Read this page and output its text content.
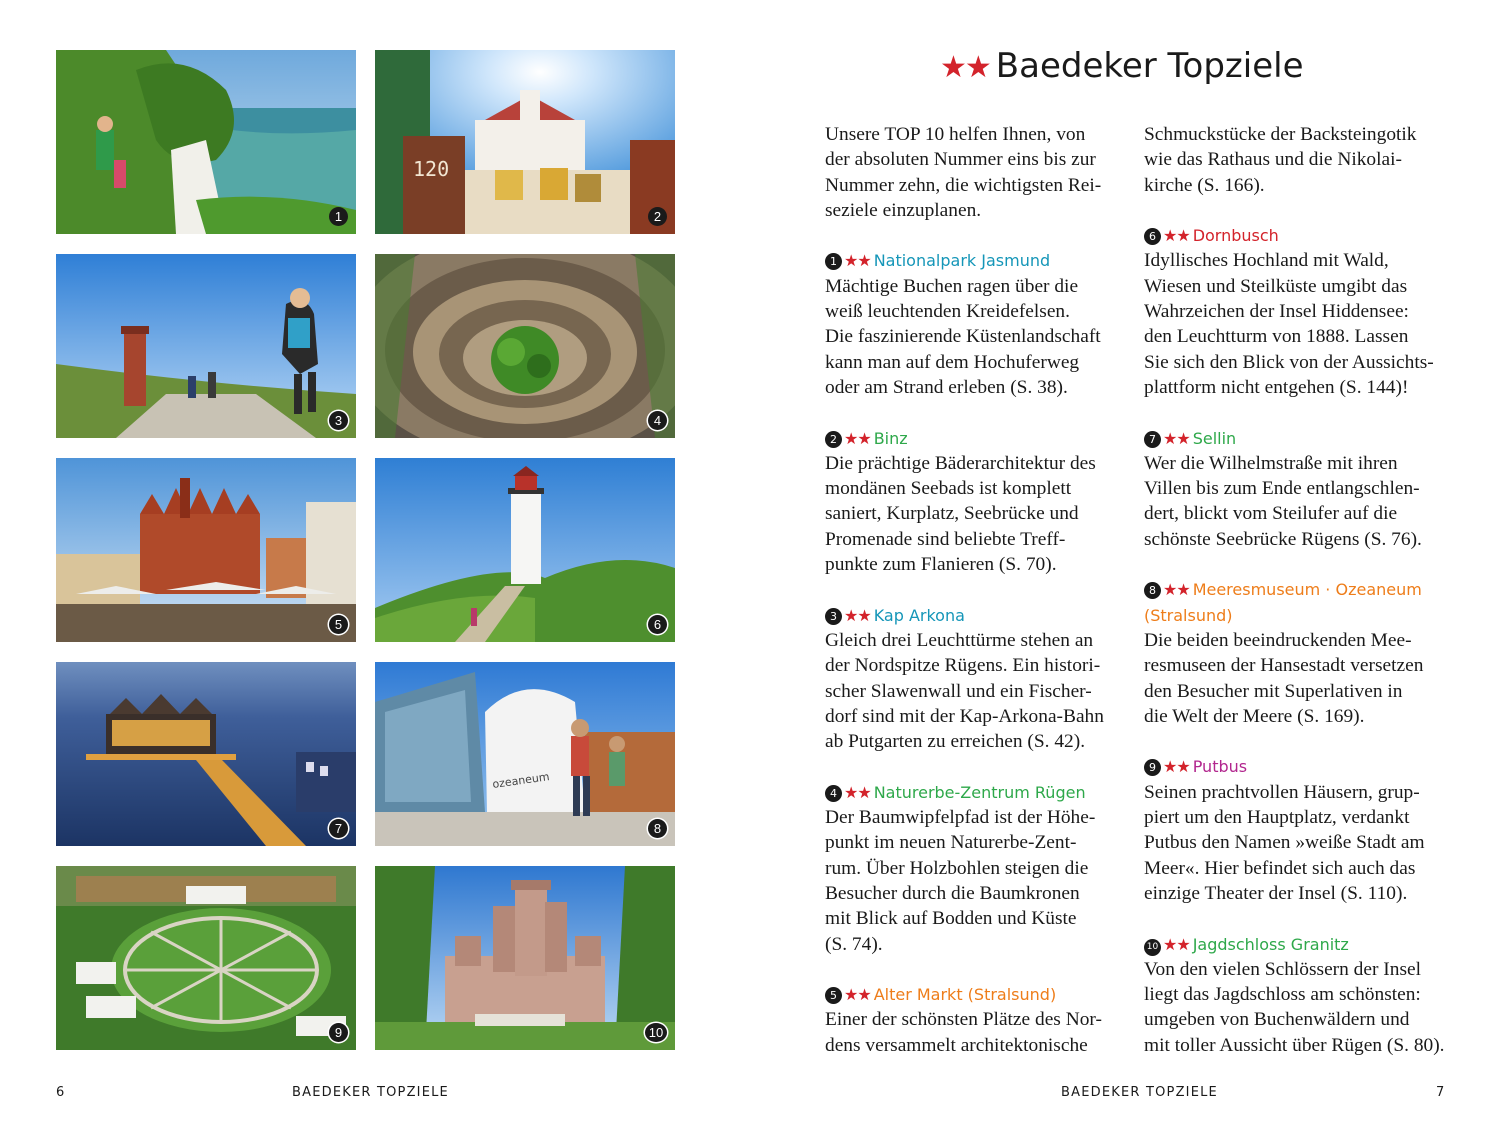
1
120
2
3	4
5	6
7
ozeaneum
8
9	10
★★ Baedeker Topziele
Unsere TOP 10 helfen Ihnen, von
der absoluten Nummer eins bis zur
Nummer zehn, die wichtigsten Rei-
seziele einzuplanen.
1 ★★ Nationalpark Jasmund
Mächtige Buchen ragen über die
weiß leuchtenden Kreidefelsen.
Die faszinierende Küstenlandschaft
kann man auf dem Hochuferweg
oder am Strand erleben (S. 38).
2 ★★ Binz
Die prächtige Bäderarchitektur des
mondänen Seebads ist komplett
saniert, Kurplatz, Seebrücke und
Promenade sind beliebte Treff-
punkte zum Flanieren (S. 70).
3 ★★ Kap Arkona
Gleich drei Leuchttürme stehen an
der Nordspitze Rügens. Ein histori-
scher Slawenwall und ein Fischer-
dorf sind mit der Kap-Arkona-Bahn
ab Putgarten zu erreichen (S. 42).
4 ★★ Naturerbe-Zentrum Rügen
Der Baumwipfelpfad ist der Höhe-
punkt im neuen Naturerbe-Zent-
rum. Über Holzbohlen steigen die
Besucher durch die Baumkronen
mit Blick auf Bodden und Küste
(S. 74).
5 ★★ Alter Markt (Stralsund)
Einer der schönsten Plätze des Nor-
dens versammelt architektonische
Schmuckstücke der Backsteingotik
wie das Rathaus und die Nikolai-
kirche (S. 166).
6 ★★ Dornbusch
Idyllisches Hochland mit Wald,
Wiesen und Steilküste umgibt das
Wahrzeichen der Insel Hiddensee:
den Leuchtturm von 1888. Lassen
Sie sich den Blick von der Aussichts-
plattform nicht entgehen (S. 144)!
7 ★★ Sellin
Wer die Wilhelmstraße mit ihren
Villen bis zum Ende entlangschlen-
dert, blickt vom Steilufer auf die
schönste Seebrücke Rügens (S. 76).
8 ★★ Meeresmuseum · Ozeaneum
(Stralsund)
Die beiden beeindruckenden Mee-
resmuseen der Hansestadt versetzen
den Besucher mit Superlativen in
die Welt der Meere (S. 169).
9 ★★ Putbus
Seinen prachtvollen Häusern, grup-
piert um den Hauptplatz, verdankt
Putbus den Namen »weiße Stadt am
Meer«. Hier befindet sich auch das
einzige Theater der Insel (S. 110).
10 ★★ Jagdschloss Granitz
Von den vielen Schlössern der Insel
liegt das Jagdschloss am schönsten:
umgeben von Buchenwäldern und
mit toller Aussicht über Rügen (S. 80).
6	BAEDEKER TOPZIELE	BAEDEKER TOPZIELE	7
